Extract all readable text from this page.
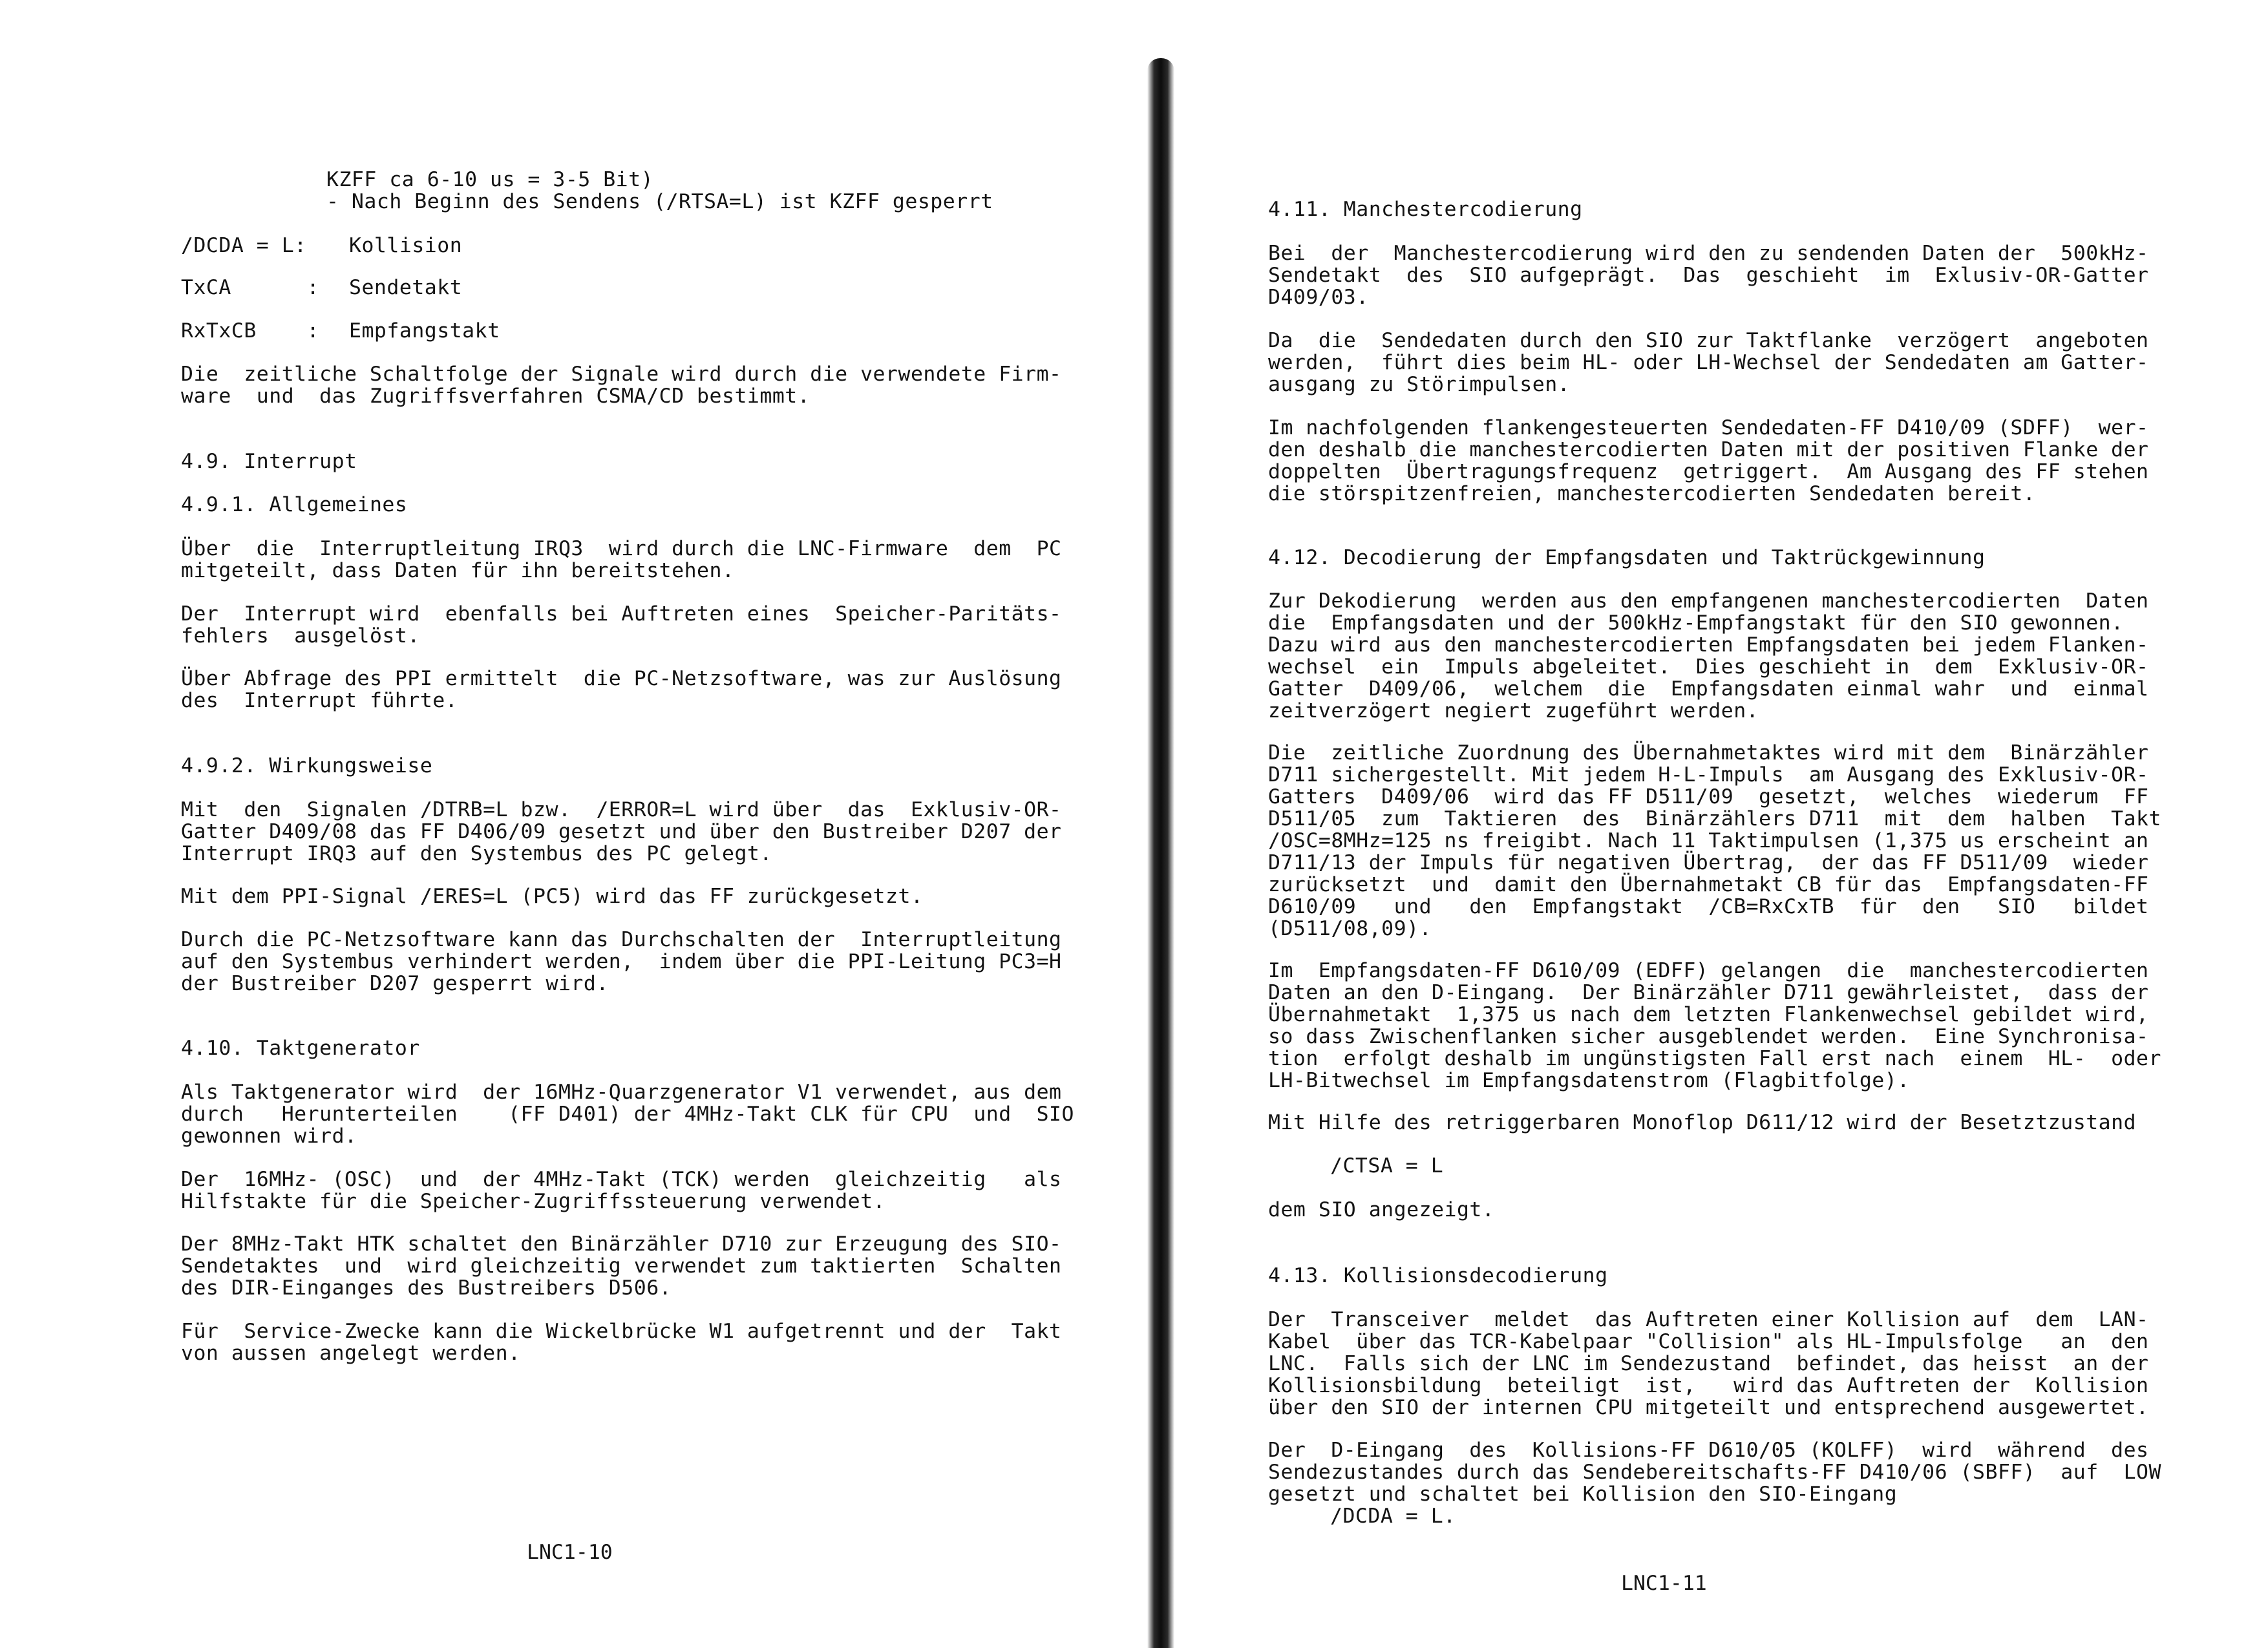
KZFF ca 6-10 us = 3-5 Bit)
- Nach Beginn des Sendens (/RTSA=L) ist KZFF gesperrt
/DCDA = L: Kollision
TxCA      : Sendetakt
RxTxCB    : Empfangstakt
Die  zeitliche Schaltfolge der Signale wird durch die verwendete Firm-
ware  und  das Zugriffsverfahren CSMA/CD bestimmt.
4.9. Interrupt
4.9.1. Allgemeines
Über  die  Interruptleitung IRQ3  wird durch die LNC-Firmware  dem  PC
mitgeteilt, dass Daten für ihn bereitstehen.
Der  Interrupt wird  ebenfalls bei Auftreten eines  Speicher-Paritäts-
fehlers  ausgelöst.
Über Abfrage des PPI ermittelt  die PC-Netzsoftware, was zur Auslösung
des  Interrupt führte.
4.9.2. Wirkungsweise
Mit  den  Signalen /DTRB=L bzw.  /ERROR=L wird über  das  Exklusiv-OR-
Gatter D409/08 das FF D406/09 gesetzt und über den Bustreiber D207 der
Interrupt IRQ3 auf den Systembus des PC gelegt.
Mit dem PPI-Signal /ERES=L (PC5) wird das FF zurückgesetzt.
Durch die PC-Netzsoftware kann das Durchschalten der  Interruptleitung
auf den Systembus verhindert werden,  indem über die PPI-Leitung PC3=H
der Bustreiber D207 gesperrt wird.
4.10. Taktgenerator
Als Taktgenerator wird  der 16MHz-Quarzgenerator V1 verwendet, aus dem
durch   Herunterteilen    (FF D401) der 4MHz-Takt CLK für CPU  und  SIO
gewonnen wird.
Der  16MHz- (OSC)  und  der 4MHz-Takt (TCK) werden  gleichzeitig   als
Hilfstakte für die Speicher-Zugriffssteuerung verwendet.
Der 8MHz-Takt HTK schaltet den Binärzähler D710 zur Erzeugung des SIO-
Sendetaktes  und  wird gleichzeitig verwendet zum taktierten  Schalten
des DIR-Einganges des Bustreibers D506.
Für  Service-Zwecke kann die Wickelbrücke W1 aufgetrennt und der  Takt
von aussen angelegt werden.
LNC1-10
4.11. Manchestercodierung
Bei  der  Manchestercodierung wird den zu sendenden Daten der  500kHz-
Sendetakt  des  SIO aufgeprägt.  Das  geschieht  im  Exlusiv-OR-Gatter
D409/03.
Da  die  Sendedaten durch den SIO zur Taktflanke  verzögert  angeboten
werden,  führt dies beim HL- oder LH-Wechsel der Sendedaten am Gatter-
ausgang zu Störimpulsen.
Im nachfolgenden flankengesteuerten Sendedaten-FF D410/09 (SDFF)  wer-
den deshalb die manchestercodierten Daten mit der positiven Flanke der
doppelten  Übertragungsfrequenz  getriggert.  Am Ausgang des FF stehen
die störspitzenfreien, manchestercodierten Sendedaten bereit.
4.12. Decodierung der Empfangsdaten und Taktrückgewinnung
Zur Dekodierung  werden aus den empfangenen manchestercodierten  Daten
die  Empfangsdaten und der 500kHz-Empfangstakt für den SIO gewonnen.
Dazu wird aus den manchestercodierten Empfangsdaten bei jedem Flanken-
wechsel  ein  Impuls abgeleitet.  Dies geschieht in  dem  Exklusiv-OR-
Gatter  D409/06,  welchem  die  Empfangsdaten einmal wahr  und  einmal
zeitverzögert negiert zugeführt werden.
Die  zeitliche Zuordnung des Übernahmetaktes wird mit dem  Binärzähler
D711 sichergestellt. Mit jedem H-L-Impuls  am Ausgang des Exklusiv-OR-
Gatters  D409/06  wird das FF D511/09  gesetzt,  welches  wiederum  FF
D511/05  zum  Taktieren  des  Binärzählers D711  mit  dem  halben  Takt
/OSC=8MHz=125 ns freigibt. Nach 11 Taktimpulsen (1,375 us erscheint an
D711/13 der Impuls für negativen Übertrag,  der das FF D511/09  wieder
zurücksetzt  und  damit den Übernahmetakt CB für das  Empfangsdaten-FF
D610/09   und   den  Empfangstakt  /CB=RxCxTB  für  den   SIO   bildet
(D511/08,09).
Im  Empfangsdaten-FF D610/09 (EDFF) gelangen  die  manchestercodierten
Daten an den D-Eingang.  Der Binärzähler D711 gewährleistet,  dass der
Übernahmetakt  1,375 us nach dem letzten Flankenwechsel gebildet wird,
so dass Zwischenflanken sicher ausgeblendet werden.  Eine Synchronisa-
tion  erfolgt deshalb im ungünstigsten Fall erst nach  einem  HL-  oder
LH-Bitwechsel im Empfangsdatenstrom (Flagbitfolge).
Mit Hilfe des retriggerbaren Monoflop D611/12 wird der Besetztzustand
/CTSA = L
dem SIO angezeigt.
4.13. Kollisionsdecodierung
Der  Transceiver  meldet  das Auftreten einer Kollision auf  dem  LAN-
Kabel  über das TCR-Kabelpaar "Collision" als HL-Impulsfolge   an  den
LNC.  Falls sich der LNC im Sendezustand  befindet, das heisst  an der
Kollisionsbildung  beteiligt  ist,   wird das Auftreten der  Kollision
über den SIO der internen CPU mitgeteilt und entsprechend ausgewertet.
Der  D-Eingang  des  Kollisions-FF D610/05 (KOLFF)  wird  während  des
Sendezustandes durch das Sendebereitschafts-FF D410/06 (SBFF)  auf  LOW
gesetzt und schaltet bei Kollision den SIO-Eingang
/DCDA = L.
LNC1-11
